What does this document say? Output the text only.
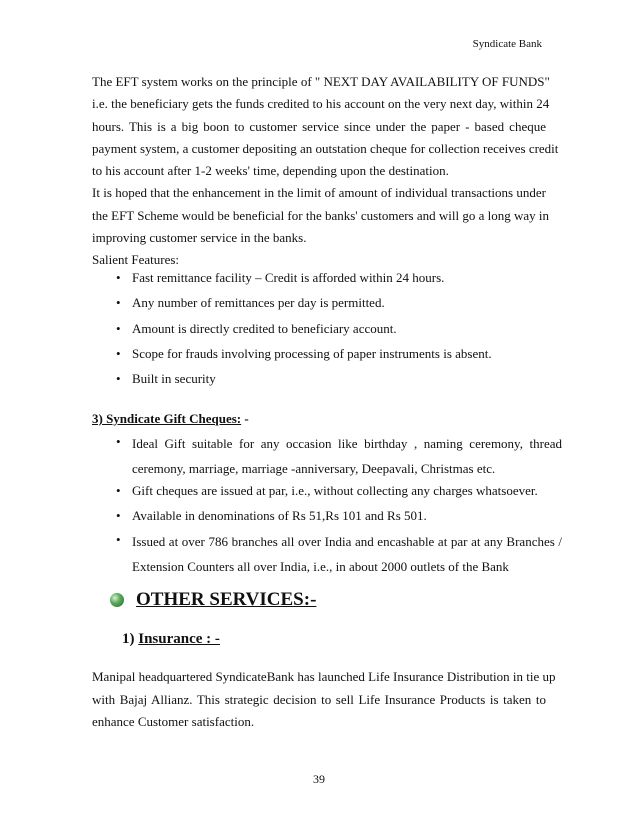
Syndicate Bank
The EFT system works on the principle of " NEXT DAY AVAILABILITY OF FUNDS"
i.e. the beneficiary gets the funds credited to his account on the very next day, within 24
hours. This is a big boon to customer service since under the paper - based cheque
payment system, a customer depositing an outstation cheque for collection receives credit
to his account after 1-2 weeks' time, depending upon the destination.
It is hoped that the enhancement in the limit of amount of individual transactions under
the EFT Scheme would be beneficial for the banks' customers and will go a long way in
improving customer service in the banks.
Salient Features:
• Fast remittance facility – Credit is afforded within 24 hours.
• Any number of remittances per day is permitted.
• Amount is directly credited to beneficiary account.
• Scope for frauds involving processing of paper instruments is absent.
• Built in security
3) Syndicate Gift Cheques: -
• Ideal Gift suitable for any occasion like birthday , naming ceremony, thread ceremony, marriage, marriage -anniversary, Deepavali, Christmas etc.
• Gift cheques are issued at par, i.e., without collecting any charges whatsoever.
• Available in denominations of Rs 51,Rs 101 and Rs 501.
• Issued at over 786 branches all over India and encashable at par at any Branches / Extension Counters all over India, i.e., in about 2000 outlets of the Bank
OTHER SERVICES:-
1) Insurance : -
Manipal headquartered SyndicateBank has launched Life Insurance Distribution in tie up
with Bajaj Allianz. This strategic decision to sell Life Insurance Products is taken to
enhance Customer satisfaction.
39
